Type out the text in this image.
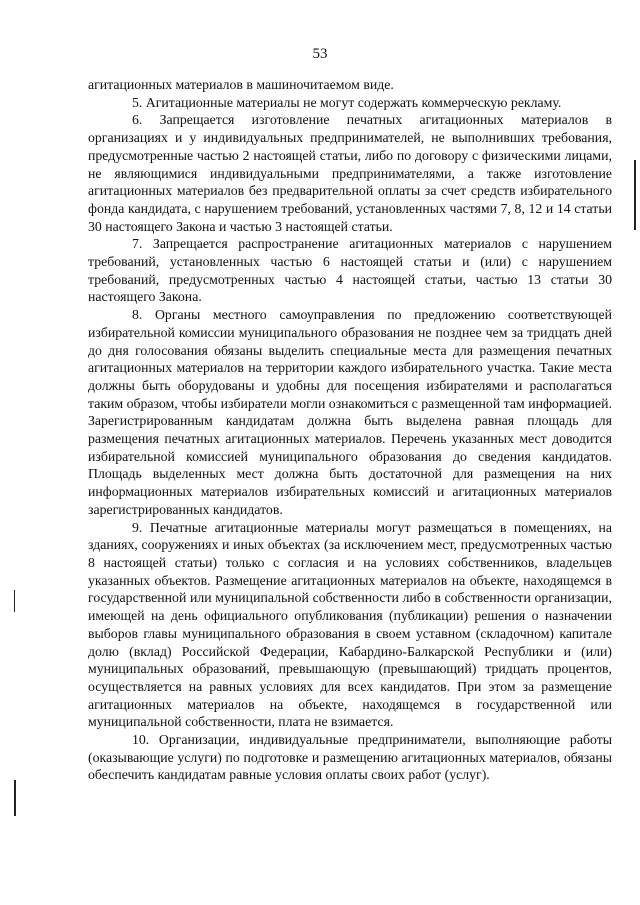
53

агитационных материалов в машиночитаемом виде.

5. Агитационные материалы не могут содержать коммерческую рекламу.

6. Запрещается изготовление печатных агитационных материалов в организациях и у индивидуальных предпринимателей, не выполнивших требования, предусмотренные частью 2 настоящей статьи, либо по договору с физическими лицами, не являющимися индивидуальными предпринимателями, а также изготовление агитационных материалов без предварительной оплаты за счет средств избирательного фонда кандидата, с нарушением требований, установленных частями 7, 8, 12 и 14 статьи 30 настоящего Закона и частью 3 настоящей статьи.

7. Запрещается распространение агитационных материалов с нарушением требований, установленных частью 6 настоящей статьи и (или) с нарушением требований, предусмотренных частью 4 настоящей статьи, частью 13 статьи 30 настоящего Закона.

8. Органы местного самоуправления по предложению соответствующей избирательной комиссии муниципального образования не позднее чем за тридцать дней до дня голосования обязаны выделить специальные места для размещения печатных агитационных материалов на территории каждого избирательного участка. Такие места должны быть оборудованы и удобны для посещения избирателями и располагаться таким образом, чтобы избиратели могли ознакомиться с размещенной там информацией. Зарегистрированным кандидатам должна быть выделена равная площадь для размещения печатных агитационных материалов. Перечень указанных мест доводится избирательной комиссией муниципального образования до сведения кандидатов. Площадь выделенных мест должна быть достаточной для размещения на них информационных материалов избирательных комиссий и агитационных материалов зарегистрированных кандидатов.

9. Печатные агитационные материалы могут размещаться в помещениях, на зданиях, сооружениях и иных объектах (за исключением мест, предусмотренных частью 8 настоящей статьи) только с согласия и на условиях собственников, владельцев указанных объектов. Размещение агитационных материалов на объекте, находящемся в государственной или муниципальной собственности либо в собственности организации, имеющей на день официального опубликования (публикации) решения о назначении выборов главы муниципального образования в своем уставном (складочном) капитале долю (вклад) Российской Федерации, Кабардино-Балкарской Республики и (или) муниципальных образований, превышающую (превышающий) тридцать процентов, осуществляется на равных условиях для всех кандидатов. При этом за размещение агитационных материалов на объекте, находящемся в государственной или муниципальной собственности, плата не взимается.

10. Организации, индивидуальные предприниматели, выполняющие работы (оказывающие услуги) по подготовке и размещению агитационных материалов, обязаны обеспечить кандидатам равные условия оплаты своих работ (услуг).
